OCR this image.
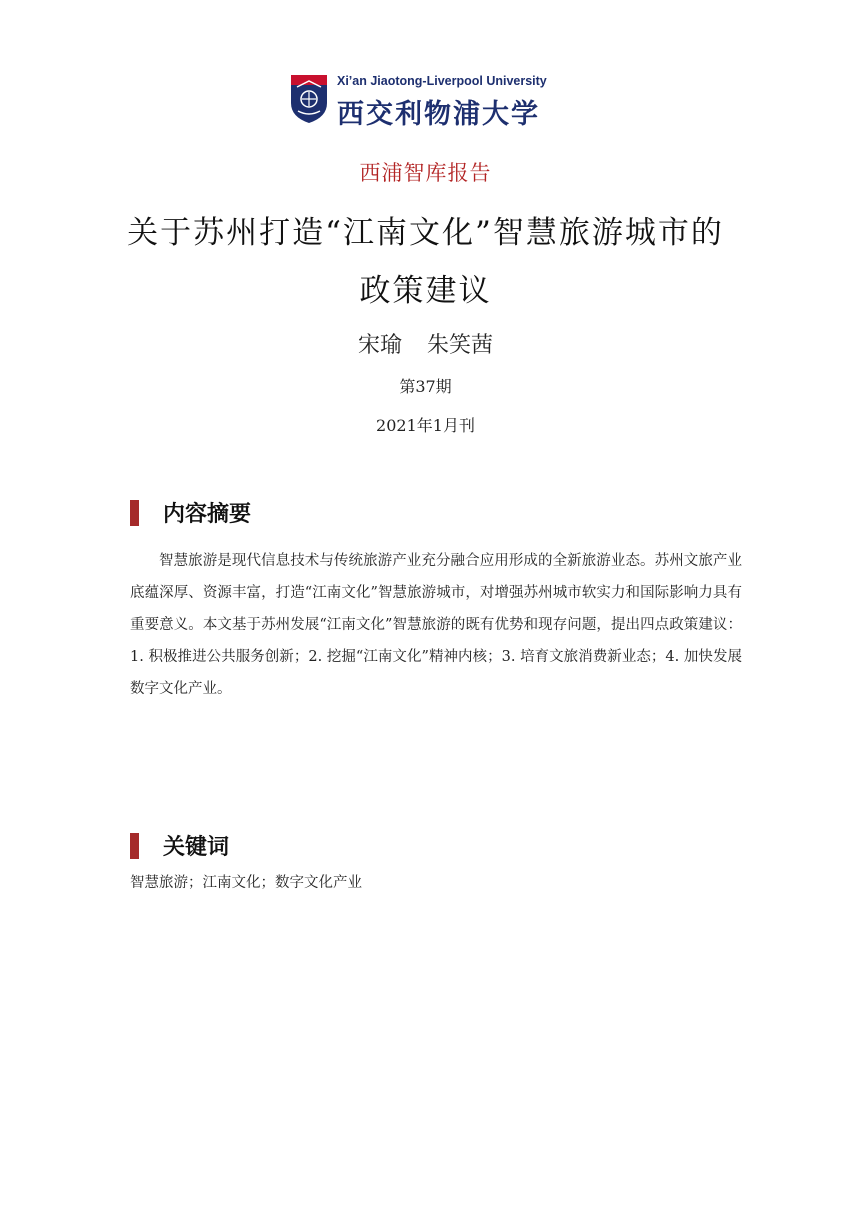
Xi’an Jiaotong-Liverpool University
西交利物浦大学
西浦智库报告
关于苏州打造“江南文化”智慧旅游城市的
政策建议
宋瑜 朱笑茜
第37期
2021年1月刊
内容摘要
智慧旅游是现代信息技术与传统旅游产业充分融合应用形成的全新旅游业态。苏州文旅产业底蕴深厚、资源丰富，打造“江南文化”智慧旅游城市，对增强苏州城市软实力和国际影响力具有重要意义。本文基于苏州发展“江南文化”智慧旅游的既有优势和现存问题，提出四点政策建议：1. 积极推进公共服务创新；2. 挖掘“江南文化”精神内核；3. 培育文旅消费新业态；4. 加快发展数字文化产业。
关键词
智慧旅游；江南文化；数字文化产业
